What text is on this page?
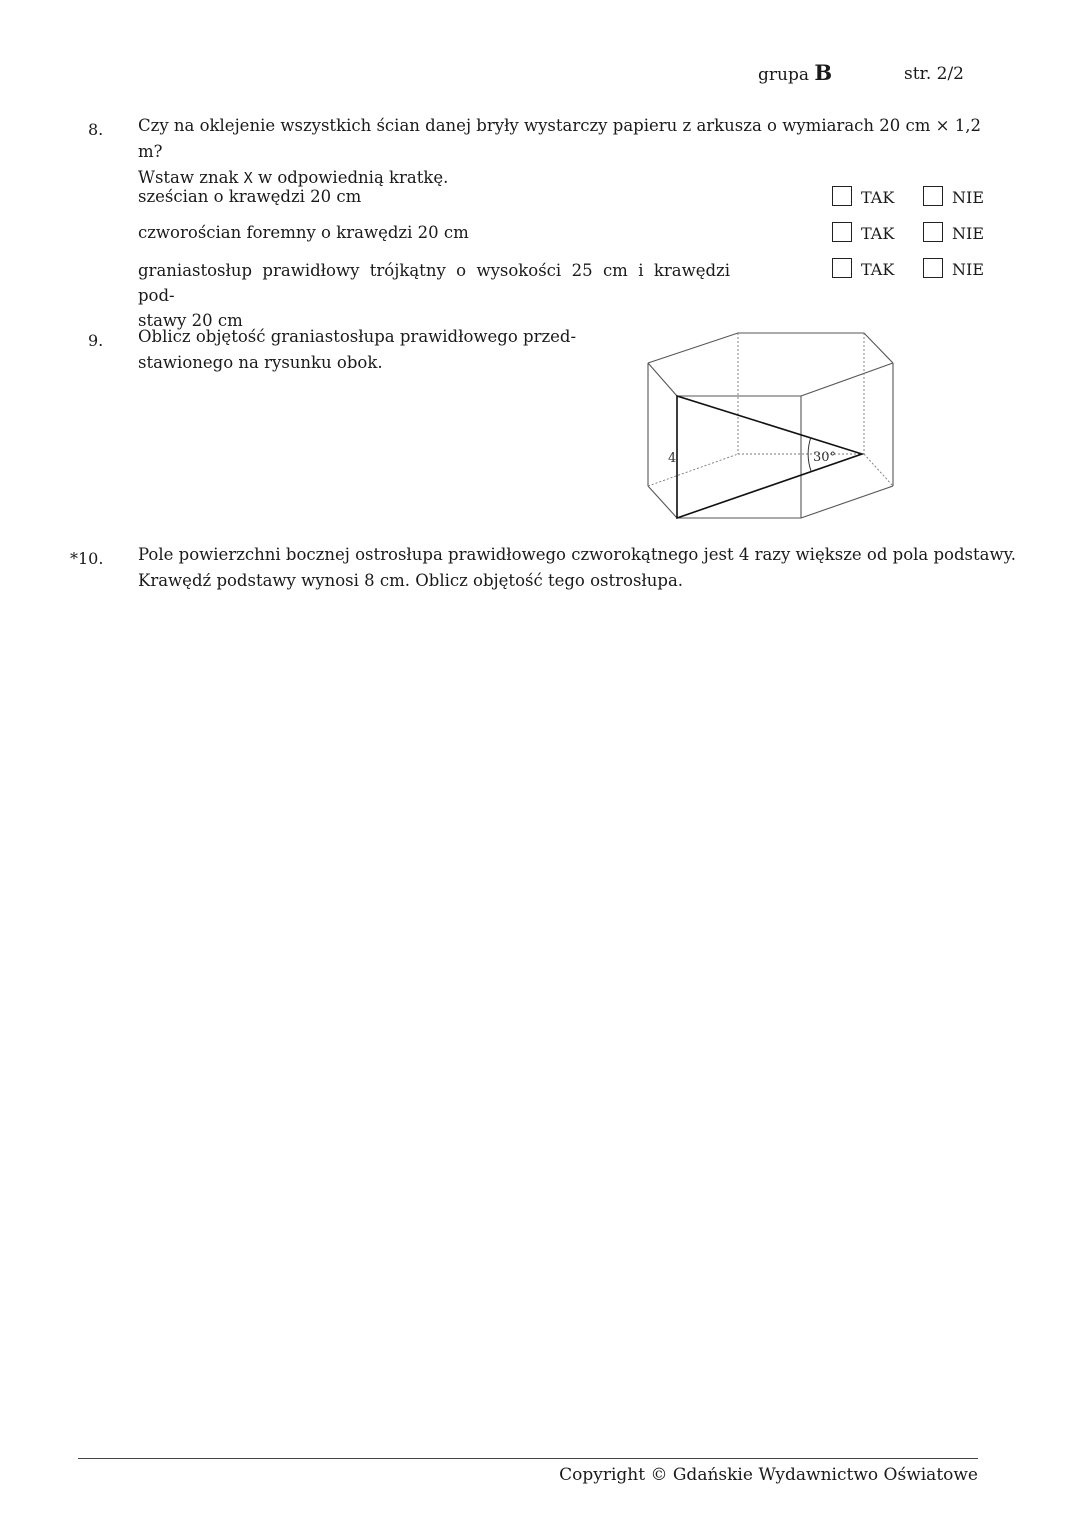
grupa B	str. 2/2
8. Czy na oklejenie wszystkich ścian danej bryły wystarczy papieru z arkusza o wymiarach 20 cm × 1,2 m?
Wstaw znak X w odpowiednią kratkę.
sześcian o krawędzi 20 cm	TAK	NIE
czworościan foremny o krawędzi 20 cm	TAK	NIE
graniastosłup prawidłowy trójkątny o wysokości 25 cm i krawędzi pod-
stawy 20 cm
TAK	NIE
9. Oblicz objętość graniastosłupa prawidłowego przed-
stawionego na rysunku obok.
4	30°
*10. Pole powierzchni bocznej ostrosłupa prawidłowego czworokątnego jest 4 razy większe od pola podstawy.
Krawędź podstawy wynosi 8 cm. Oblicz objętość tego ostrosłupa.
Copyright © Gdańskie Wydawnictwo Oświatowe
